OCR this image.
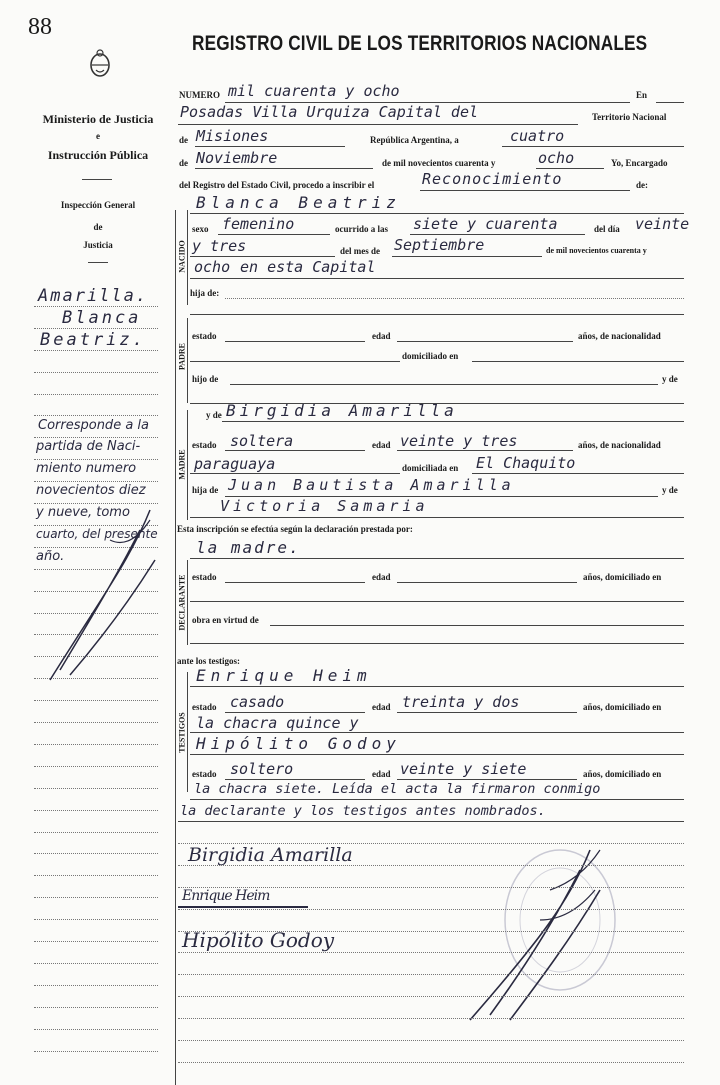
88
REGISTRO CIVIL DE LOS TERRITORIOS NACIONALES
Ministerio de Justicia
e
Instrucción Pública
Inspección General
de
Justicia
Amarilla.
Blanca
Beatriz.
Corresponde a la
partida de Naci-
miento numero
novecientos diez
y nueve, tomo
cuarto, del presente
año.
NACIDO
PADRE
MADRE
DECLARANTE
TESTIGOS
NUMERO mil cuarenta y ocho	En
Posadas Villa Urquiza Capital del	Territorio Nacional
de Misiones	República Argentina, a	cuatro
de Noviembre	de mil novecientos cuarenta y	ocho	Yo, Encargado
del Registro del Estado Civil, procedo a inscribir el	Reconocimiento	de:
Blanca Beatriz
sexo femenino	ocurrido a las siete y cuarenta	del día veinte
y tres	del mes de Septiembre	de mil novecientos cuarenta y
ocho en esta Capital
hija de:
estado	edad	años, de nacionalidad
domiciliado en
hijo de	y de
y de Birgidia Amarilla
estado soltera	edad veinte y tres	años, de nacionalidad
paraguaya	domiciliada en El Chaquito
hija de Juan Bautista Amarilla	y de
Victoria Samaria
Esta inscripción se efectúa según la declaración prestada por:
la madre.
estado	edad	años, domiciliado en
obra en virtud de
ante los testigos:
Enrique Heim
estado casado	edad treinta y dos	años, domiciliado en
la chacra quince y
Hipólito Godoy
estado soltero	edad veinte y siete	años, domiciliado en
la chacra siete. Leída el acta la firmaron conmigo
la declarante y los testigos antes nombrados.
Birgidia Amarilla
Enrique Heim
Hipólito Godoy
